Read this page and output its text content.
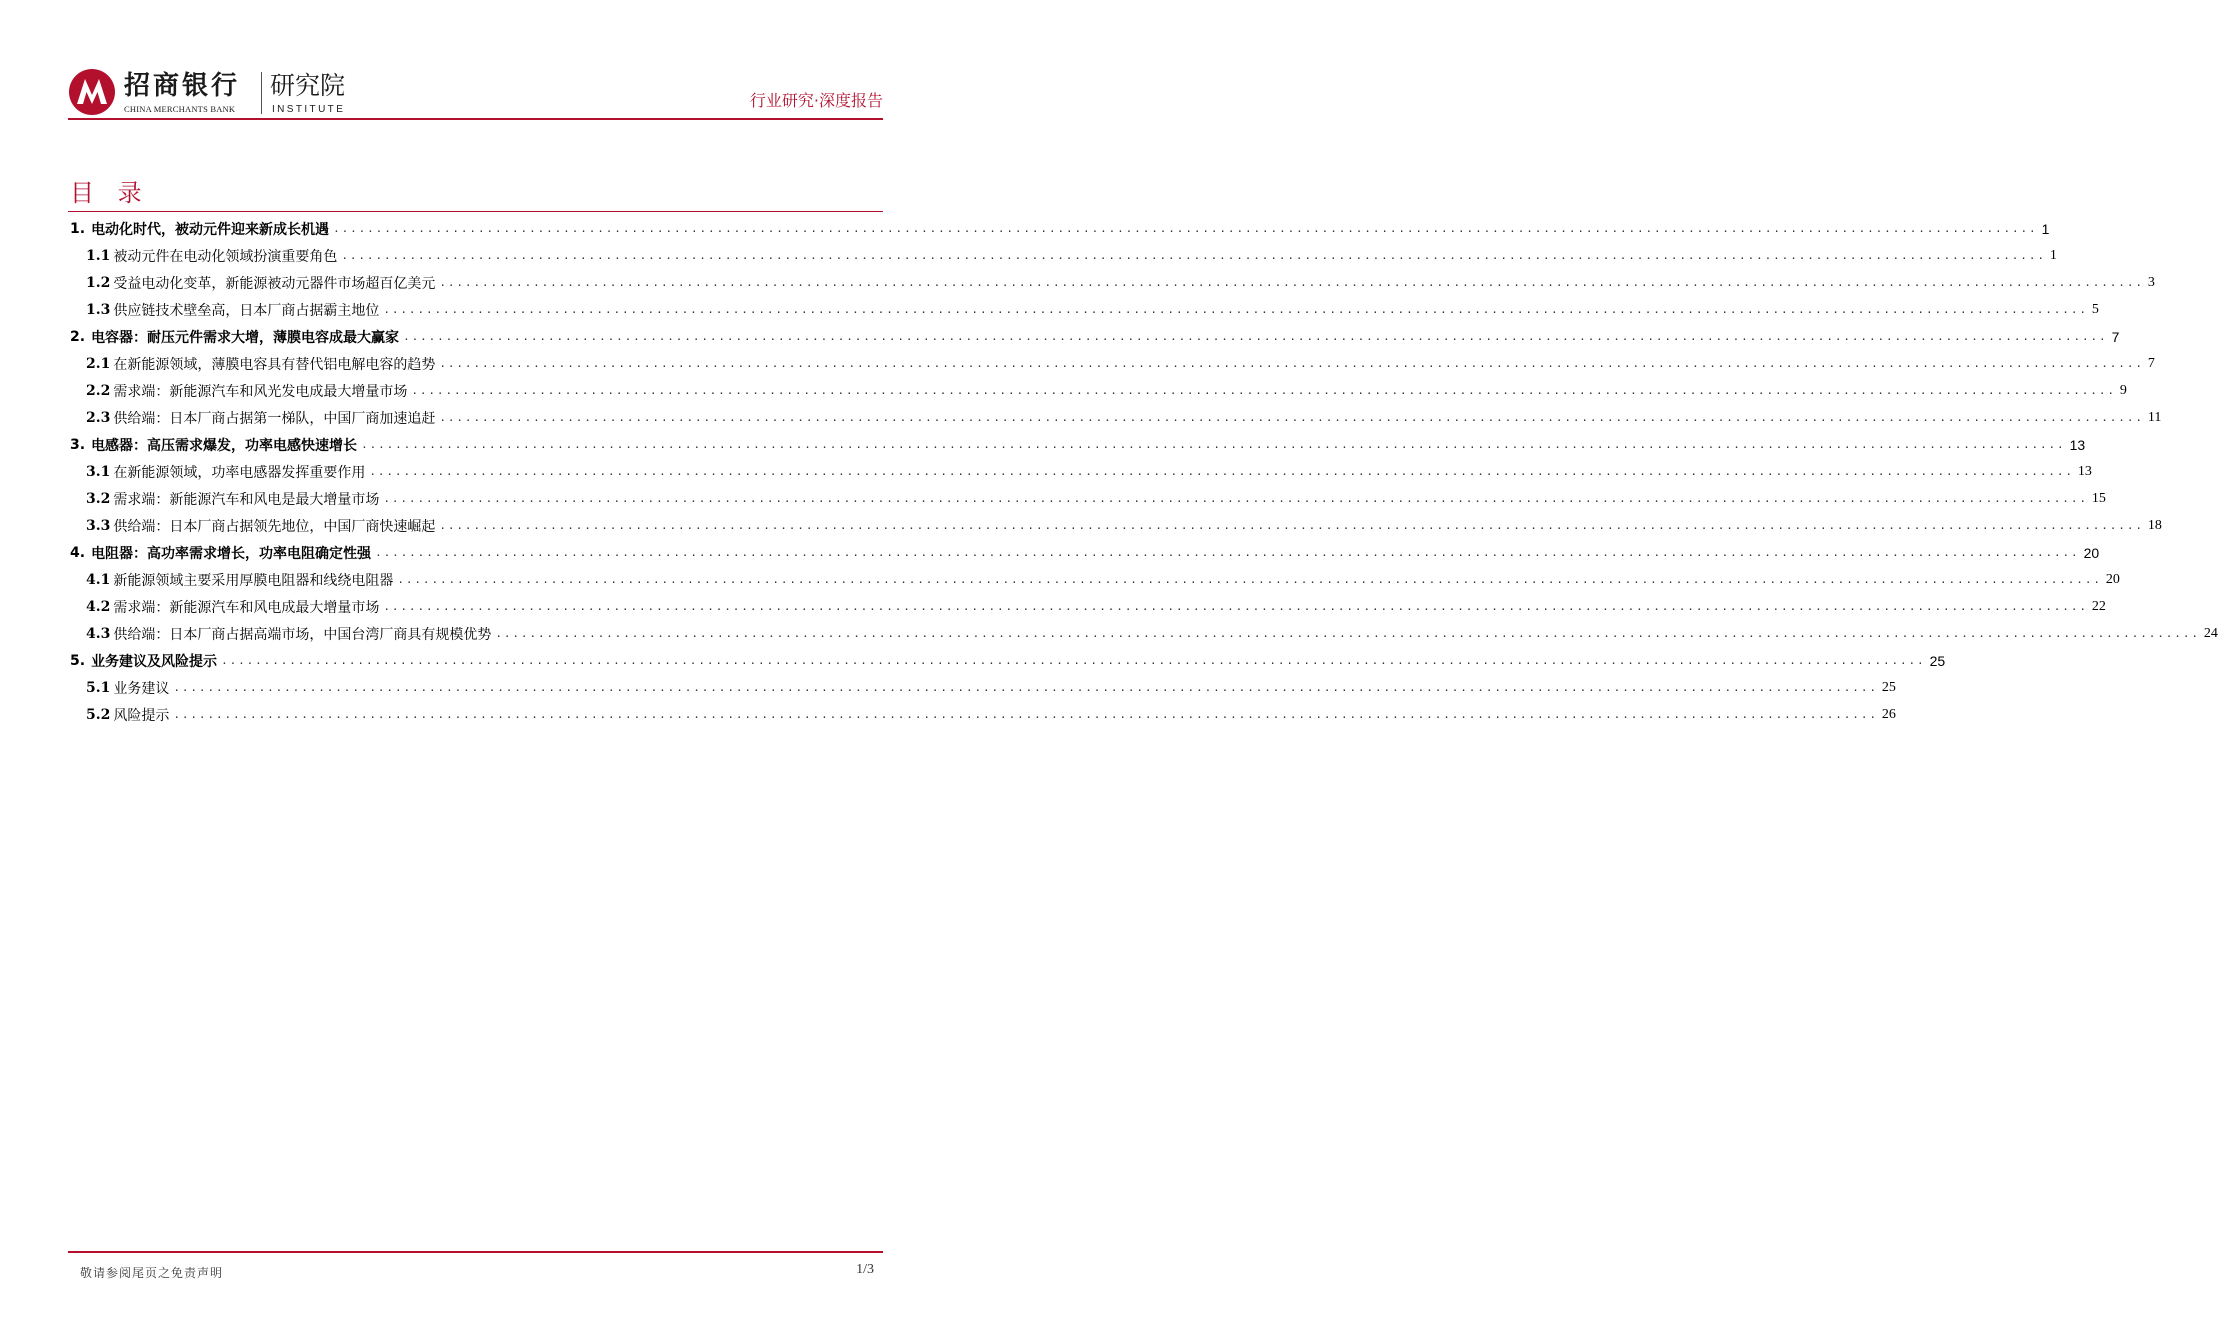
招商银行
CHINA MERCHANTS BANK
研究院
INSTITUTE	行业研究·深度报告
目 录
1. 电动化时代，被动元件迎来新成长机遇 ........................................................................................................................................................................................................ 1
1.1 被动元件在电动化领域扮演重要角色 ........................................................................................................................................................................................................ 1
1.2 受益电动化变革，新能源被动元器件市场超百亿美元 ........................................................................................................................................................................................................ 3
1.3 供应链技术壁垒高，日本厂商占据霸主地位 ........................................................................................................................................................................................................ 5
2. 电容器：耐压元件需求大增，薄膜电容成最大赢家 ........................................................................................................................................................................................................ 7
2.1 在新能源领域，薄膜电容具有替代铝电解电容的趋势 ........................................................................................................................................................................................................ 7
2.2 需求端：新能源汽车和风光发电成最大增量市场 ........................................................................................................................................................................................................ 9
2.3 供给端：日本厂商占据第一梯队，中国厂商加速追赶 ........................................................................................................................................................................................................ 11
3. 电感器：高压需求爆发，功率电感快速增长 ........................................................................................................................................................................................................ 13
3.1 在新能源领域，功率电感器发挥重要作用 ........................................................................................................................................................................................................ 13
3.2 需求端：新能源汽车和风电是最大增量市场 ........................................................................................................................................................................................................ 15
3.3 供给端：日本厂商占据领先地位，中国厂商快速崛起 ........................................................................................................................................................................................................ 18
4. 电阻器：高功率需求增长，功率电阻确定性强 ........................................................................................................................................................................................................ 20
4.1 新能源领域主要采用厚膜电阻器和线绕电阻器 ........................................................................................................................................................................................................ 20
4.2 需求端：新能源汽车和风电成最大增量市场 ........................................................................................................................................................................................................ 22
4.3 供给端：日本厂商占据高端市场，中国台湾厂商具有规模优势 ........................................................................................................................................................................................................ 24
5. 业务建议及风险提示 ........................................................................................................................................................................................................ 25
5.1 业务建议 ........................................................................................................................................................................................................ 25
5.2 风险提示 ........................................................................................................................................................................................................ 26
敬请参阅尾页之免责声明	1/3
